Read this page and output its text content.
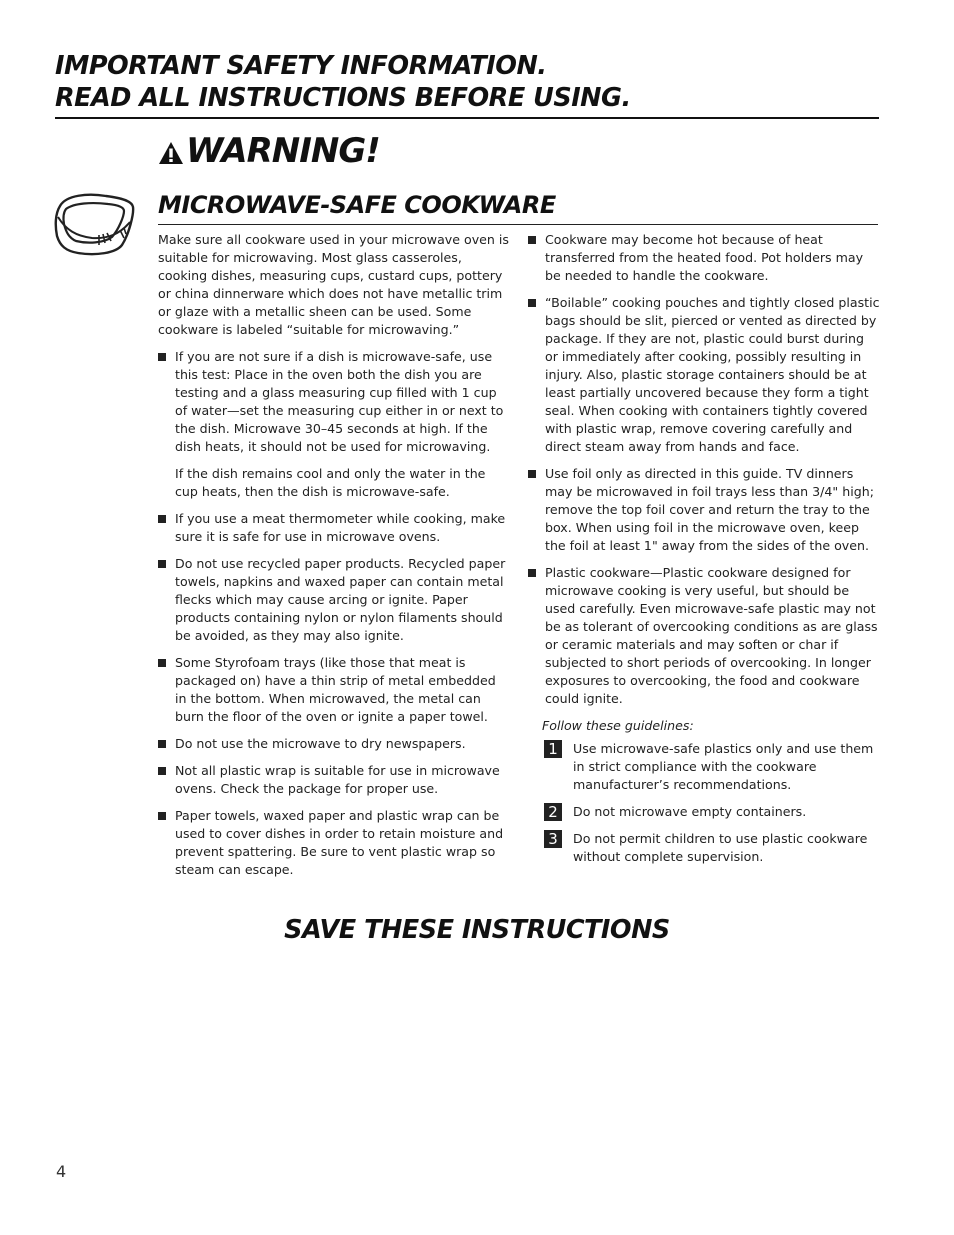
IMPORTANT SAFETY INFORMATION.
READ ALL INSTRUCTIONS BEFORE USING.
WARNING!
MICROWAVE-SAFE COOKWARE

Make sure all cookware used in your microwave oven is suitable for microwaving. Most glass casseroles, cooking dishes, measuring cups, custard cups, pottery or china dinnerware which does not have metallic trim or glaze with a metallic sheen can be used. Some cookware is labeled “suitable for microwaving.”

If you are not sure if a dish is microwave-safe, use this test: Place in the oven both the dish you are testing and a glass measuring cup filled with 1 cup of water—set the measuring cup either in or next to the dish. Microwave 30–45 seconds at high. If the dish heats, it should not be used for microwaving.

If the dish remains cool and only the water in the cup heats, then the dish is microwave-safe.

If you use a meat thermometer while cooking, make sure it is safe for use in microwave ovens.

Do not use recycled paper products. Recycled paper towels, napkins and waxed paper can contain metal flecks which may cause arcing or ignite. Paper products containing nylon or nylon filaments should be avoided, as they may also ignite.

Some Styrofoam trays (like those that meat is packaged on) have a thin strip of metal embedded in the bottom. When microwaved, the metal can burn the floor of the oven or ignite a paper towel.

Do not use the microwave to dry newspapers.

Not all plastic wrap is suitable for use in microwave ovens. Check the package for proper use.

Paper towels, waxed paper and plastic wrap can be used to cover dishes in order to retain moisture and prevent spattering. Be sure to vent plastic wrap so steam can escape.

Cookware may become hot because of heat transferred from the heated food. Pot holders may be needed to handle the cookware.

“Boilable” cooking pouches and tightly closed plastic bags should be slit, pierced or vented as directed by package. If they are not, plastic could burst during or immediately after cooking, possibly resulting in injury. Also, plastic storage containers should be at least partially uncovered because they form a tight seal. When cooking with containers tightly covered with plastic wrap, remove covering carefully and direct steam away from hands and face.

Use foil only as directed in this guide. TV dinners may be microwaved in foil trays less than 3/4" high; remove the top foil cover and return the tray to the box. When using foil in the microwave oven, keep the foil at least 1" away from the sides of the oven.

Plastic cookware—Plastic cookware designed for microwave cooking is very useful, but should be used carefully. Even microwave-safe plastic may not be as tolerant of overcooking conditions as are glass or ceramic materials and may soften or char if subjected to short periods of overcooking. In longer exposures to overcooking, the food and cookware could ignite.

Follow these guidelines:

1	Use microwave-safe plastics only and use them in strict compliance with the cookware manufacturer’s recommendations.
2	Do not microwave empty containers.
3	Do not permit children to use plastic cookware without complete supervision.
SAVE THESE INSTRUCTIONS
4
